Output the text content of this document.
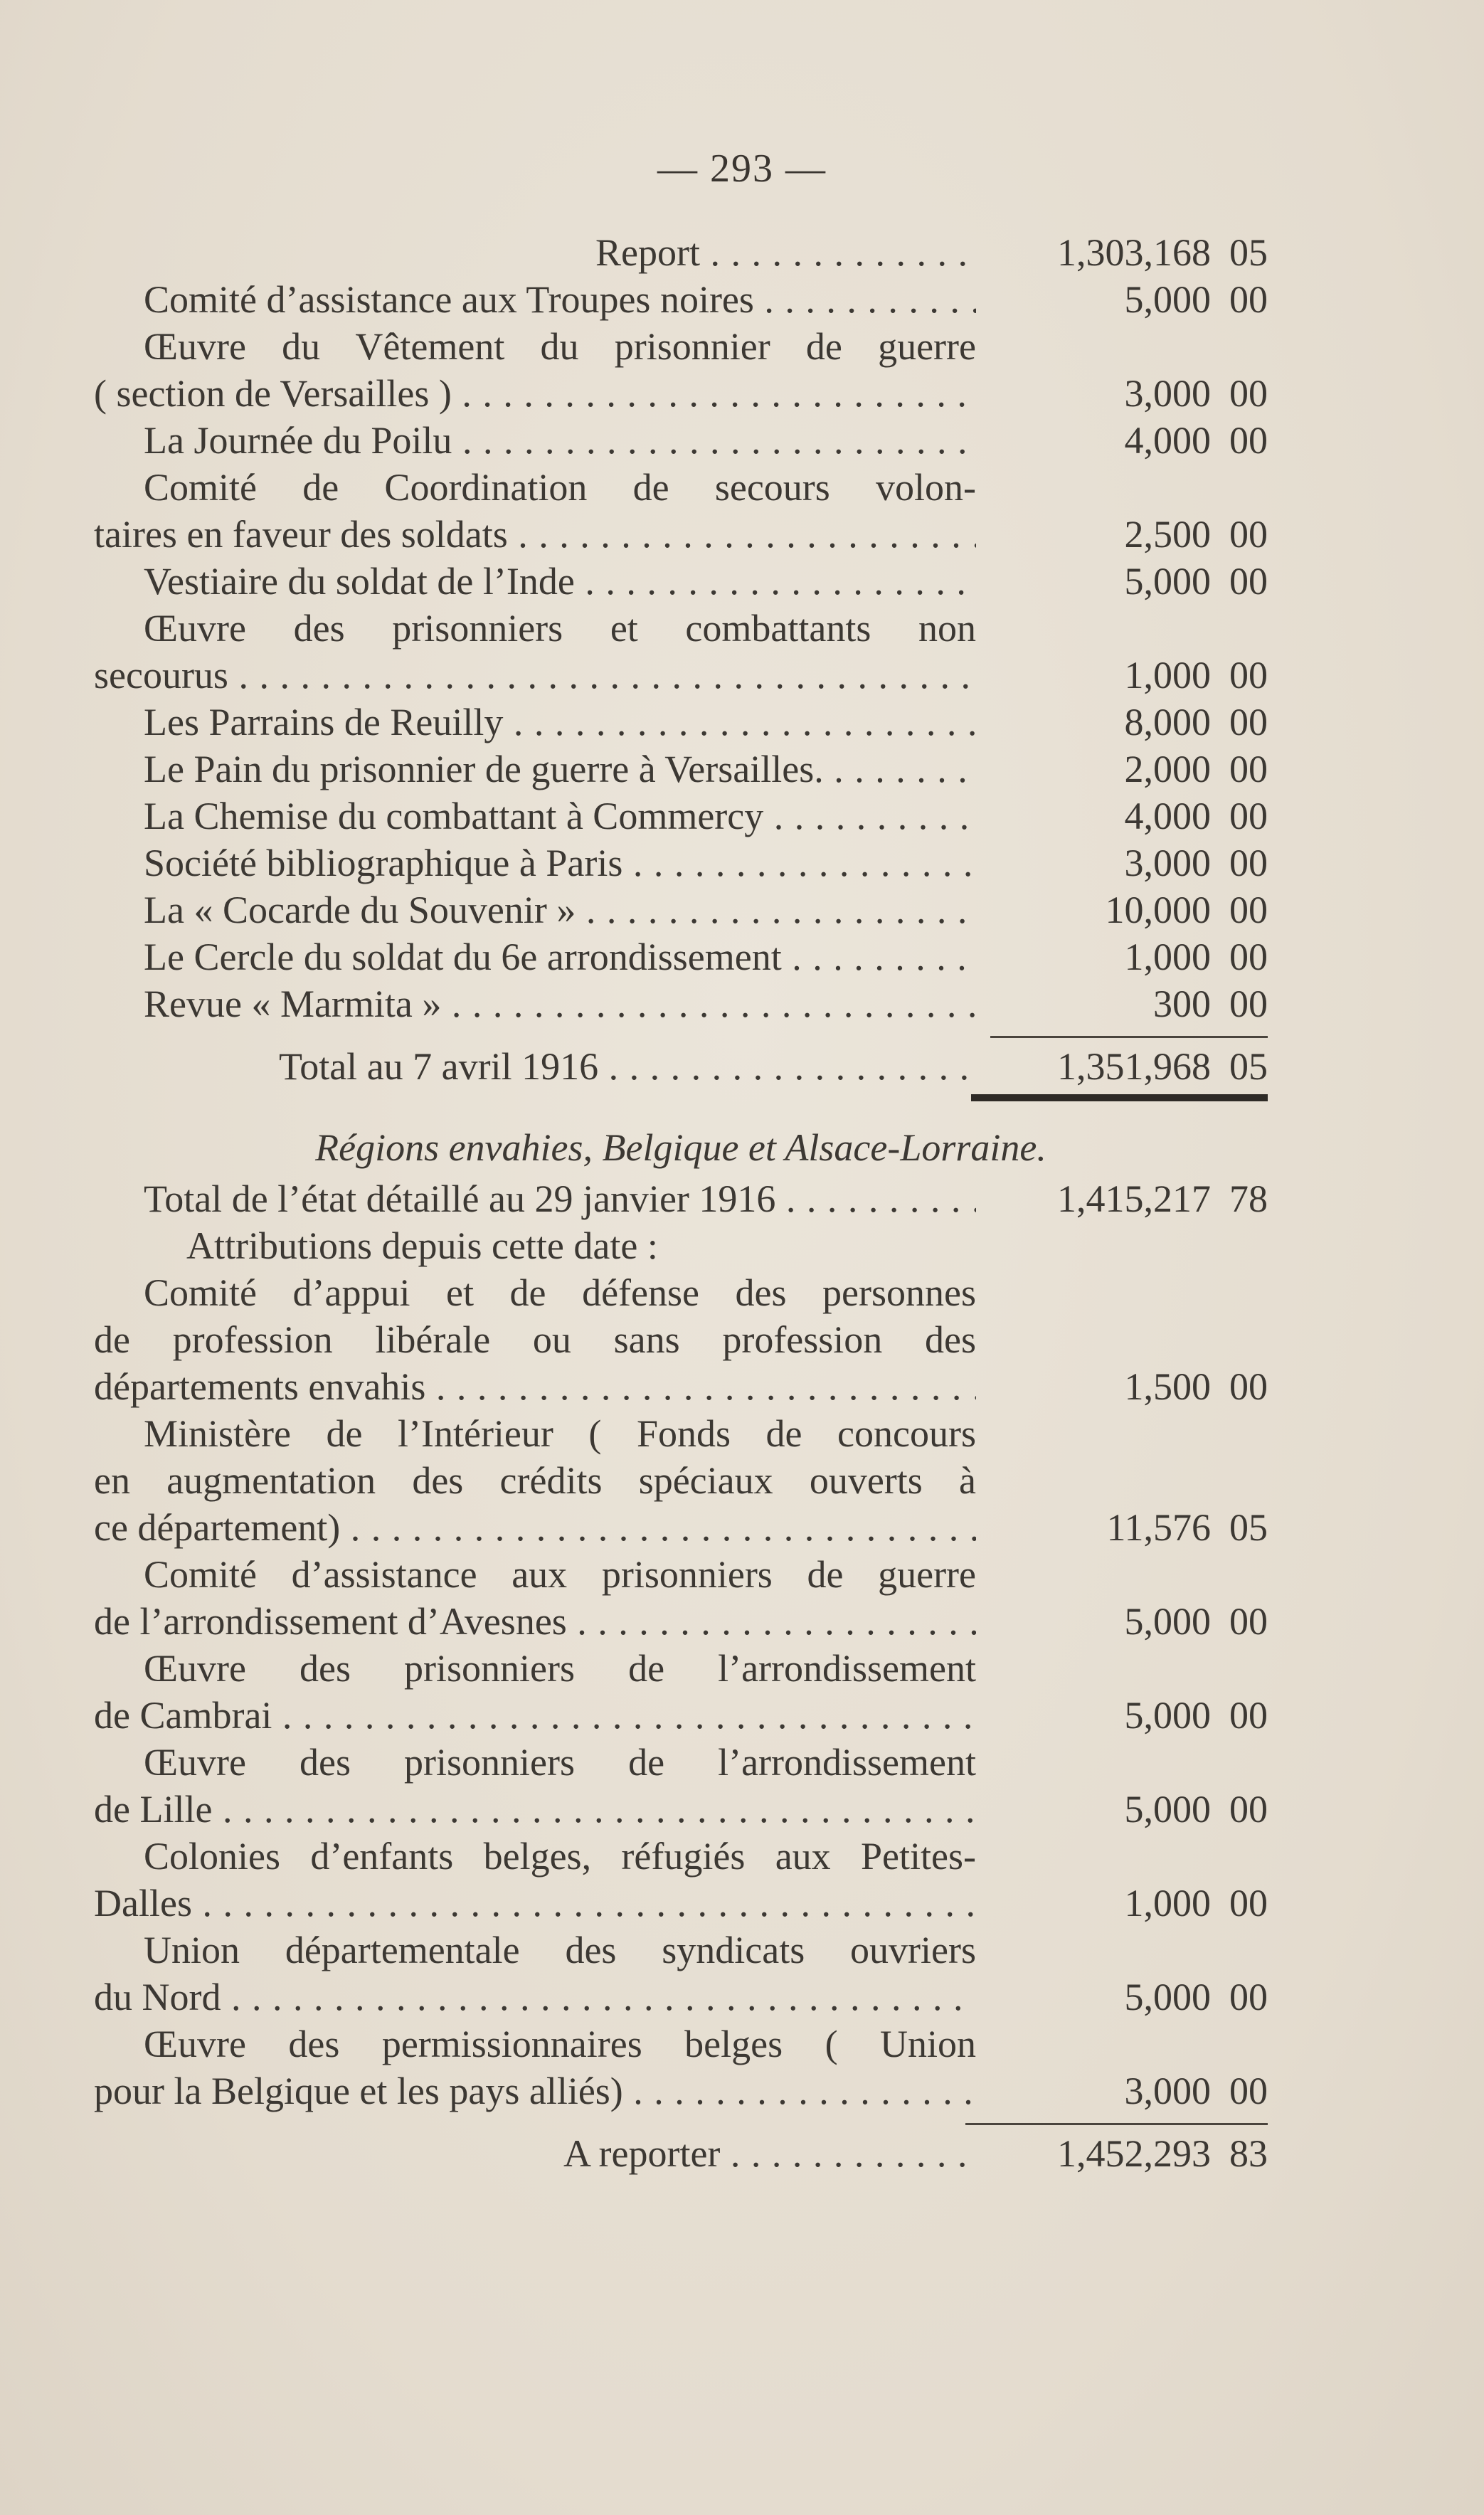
— 293 —
Report . . .	1,303,168 05
Comité d’assistance aux Troupes noires . . .	5,000 00
Œuvre du Vêtement du prisonnier de guerre
( section de Versailles ) . . .	3,000 00
La Journée du Poilu . . .	4,000 00
Comité de Coordination de secours volon-
taires en faveur des soldats . . .	2,500 00
Vestiaire du soldat de l’Inde . . .	5,000 00
Œuvre des prisonniers et combattants non
secourus . . .	1,000 00
Les Parrains de Reuilly . . .	8,000 00
Le Pain du prisonnier de guerre à Versailles. . . .	2,000 00
La Chemise du combattant à Commercy . . .	4,000 00
Société bibliographique à Paris . . .	3,000 00
La « Cocarde du Souvenir » . . .	10,000 00
Le Cercle du soldat du 6e arrondissement . . .	1,000 00
Revue « Marmita » . . .	300 00
Total au 7 avril 1916 . . .	1,351,968 05
Régions envahies, Belgique et Alsace-Lorraine.
Total de l’état détaillé au 29 janvier 1916 . . .	1,415,217 78
Attributions depuis cette date :
Comité d’appui et de défense des personnes
de profession libérale ou sans profession des
départements envahis . . .	1,500 00
Ministère de l’Intérieur ( Fonds de concours
en augmentation des crédits spéciaux ouverts à
ce département) . . .	11,576 05
Comité d’assistance aux prisonniers de guerre
de l’arrondissement d’Avesnes . . .	5,000 00
Œuvre des prisonniers de l’arrondissement
de Cambrai . . .	5,000 00
Œuvre des prisonniers de l’arrondissement
de Lille . . .	5,000 00
Colonies d’enfants belges, réfugiés aux Petites-
Dalles . . .	1,000 00
Union départementale des syndicats ouvriers
du Nord . . .	5,000 00
Œuvre des permissionnaires belges ( Union
pour la Belgique et les pays alliés) . . .	3,000 00
A reporter . . .	1,452,293 83
